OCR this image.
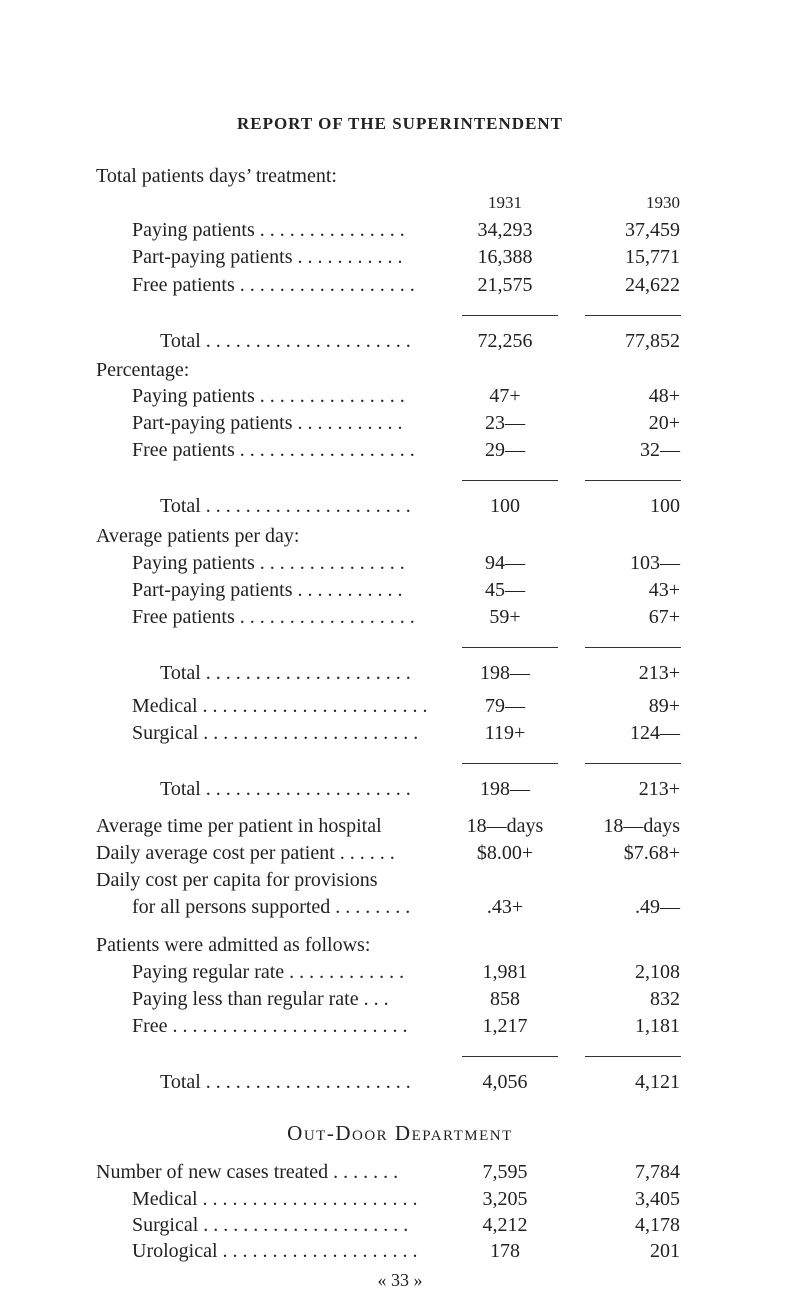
REPORT OF THE SUPERINTENDENT
Total patients days’ treatment:
1931	1930
Paying patients . . . . . . . . . . . . . . .	34,293	37,459
Part-paying patients . . . . . . . . . . .	16,388	15,771
Free patients . . . . . . . . . . . . . . . . . .	21,575	24,622
Total . . . . . . . . . . . . . . . . . . . . .	72,256	77,852
Percentage:
Paying patients . . . . . . . . . . . . . . .	47+	48+
Part-paying patients . . . . . . . . . . .	23—	20+
Free patients . . . . . . . . . . . . . . . . . .	29—	32—
Total . . . . . . . . . . . . . . . . . . . . .	100	100
Average patients per day:
Paying patients . . . . . . . . . . . . . . .	94—	103—
Part-paying patients . . . . . . . . . . .	45—	43+
Free patients . . . . . . . . . . . . . . . . . .	59+	67+
Total . . . . . . . . . . . . . . . . . . . . .	198—	213+
Medical . . . . . . . . . . . . . . . . . . . . . . .	79—	89+
Surgical . . . . . . . . . . . . . . . . . . . . . .	119+	124—
Total . . . . . . . . . . . . . . . . . . . . .	198—	213+
Average time per patient in hospital	18—days	18—days
Daily average cost per patient . . . . . .	$8.00+	$7.68+
Daily cost per capita for provisions
for all persons supported . . . . . . . .	.43+	.49—
Patients were admitted as follows:
Paying regular rate . . . . . . . . . . . .	1,981	2,108
Paying less than regular rate . . .	858	832
Free . . . . . . . . . . . . . . . . . . . . . . . .	1,217	1,181
Total . . . . . . . . . . . . . . . . . . . . .	4,056	4,121
Out-Door Department
Number of new cases treated . . . . . . .	7,595	7,784
Medical . . . . . . . . . . . . . . . . . . . . . .	3,205	3,405
Surgical . . . . . . . . . . . . . . . . . . . . .	4,212	4,178
Urological . . . . . . . . . . . . . . . . . . . .	178	201
« 33 »
